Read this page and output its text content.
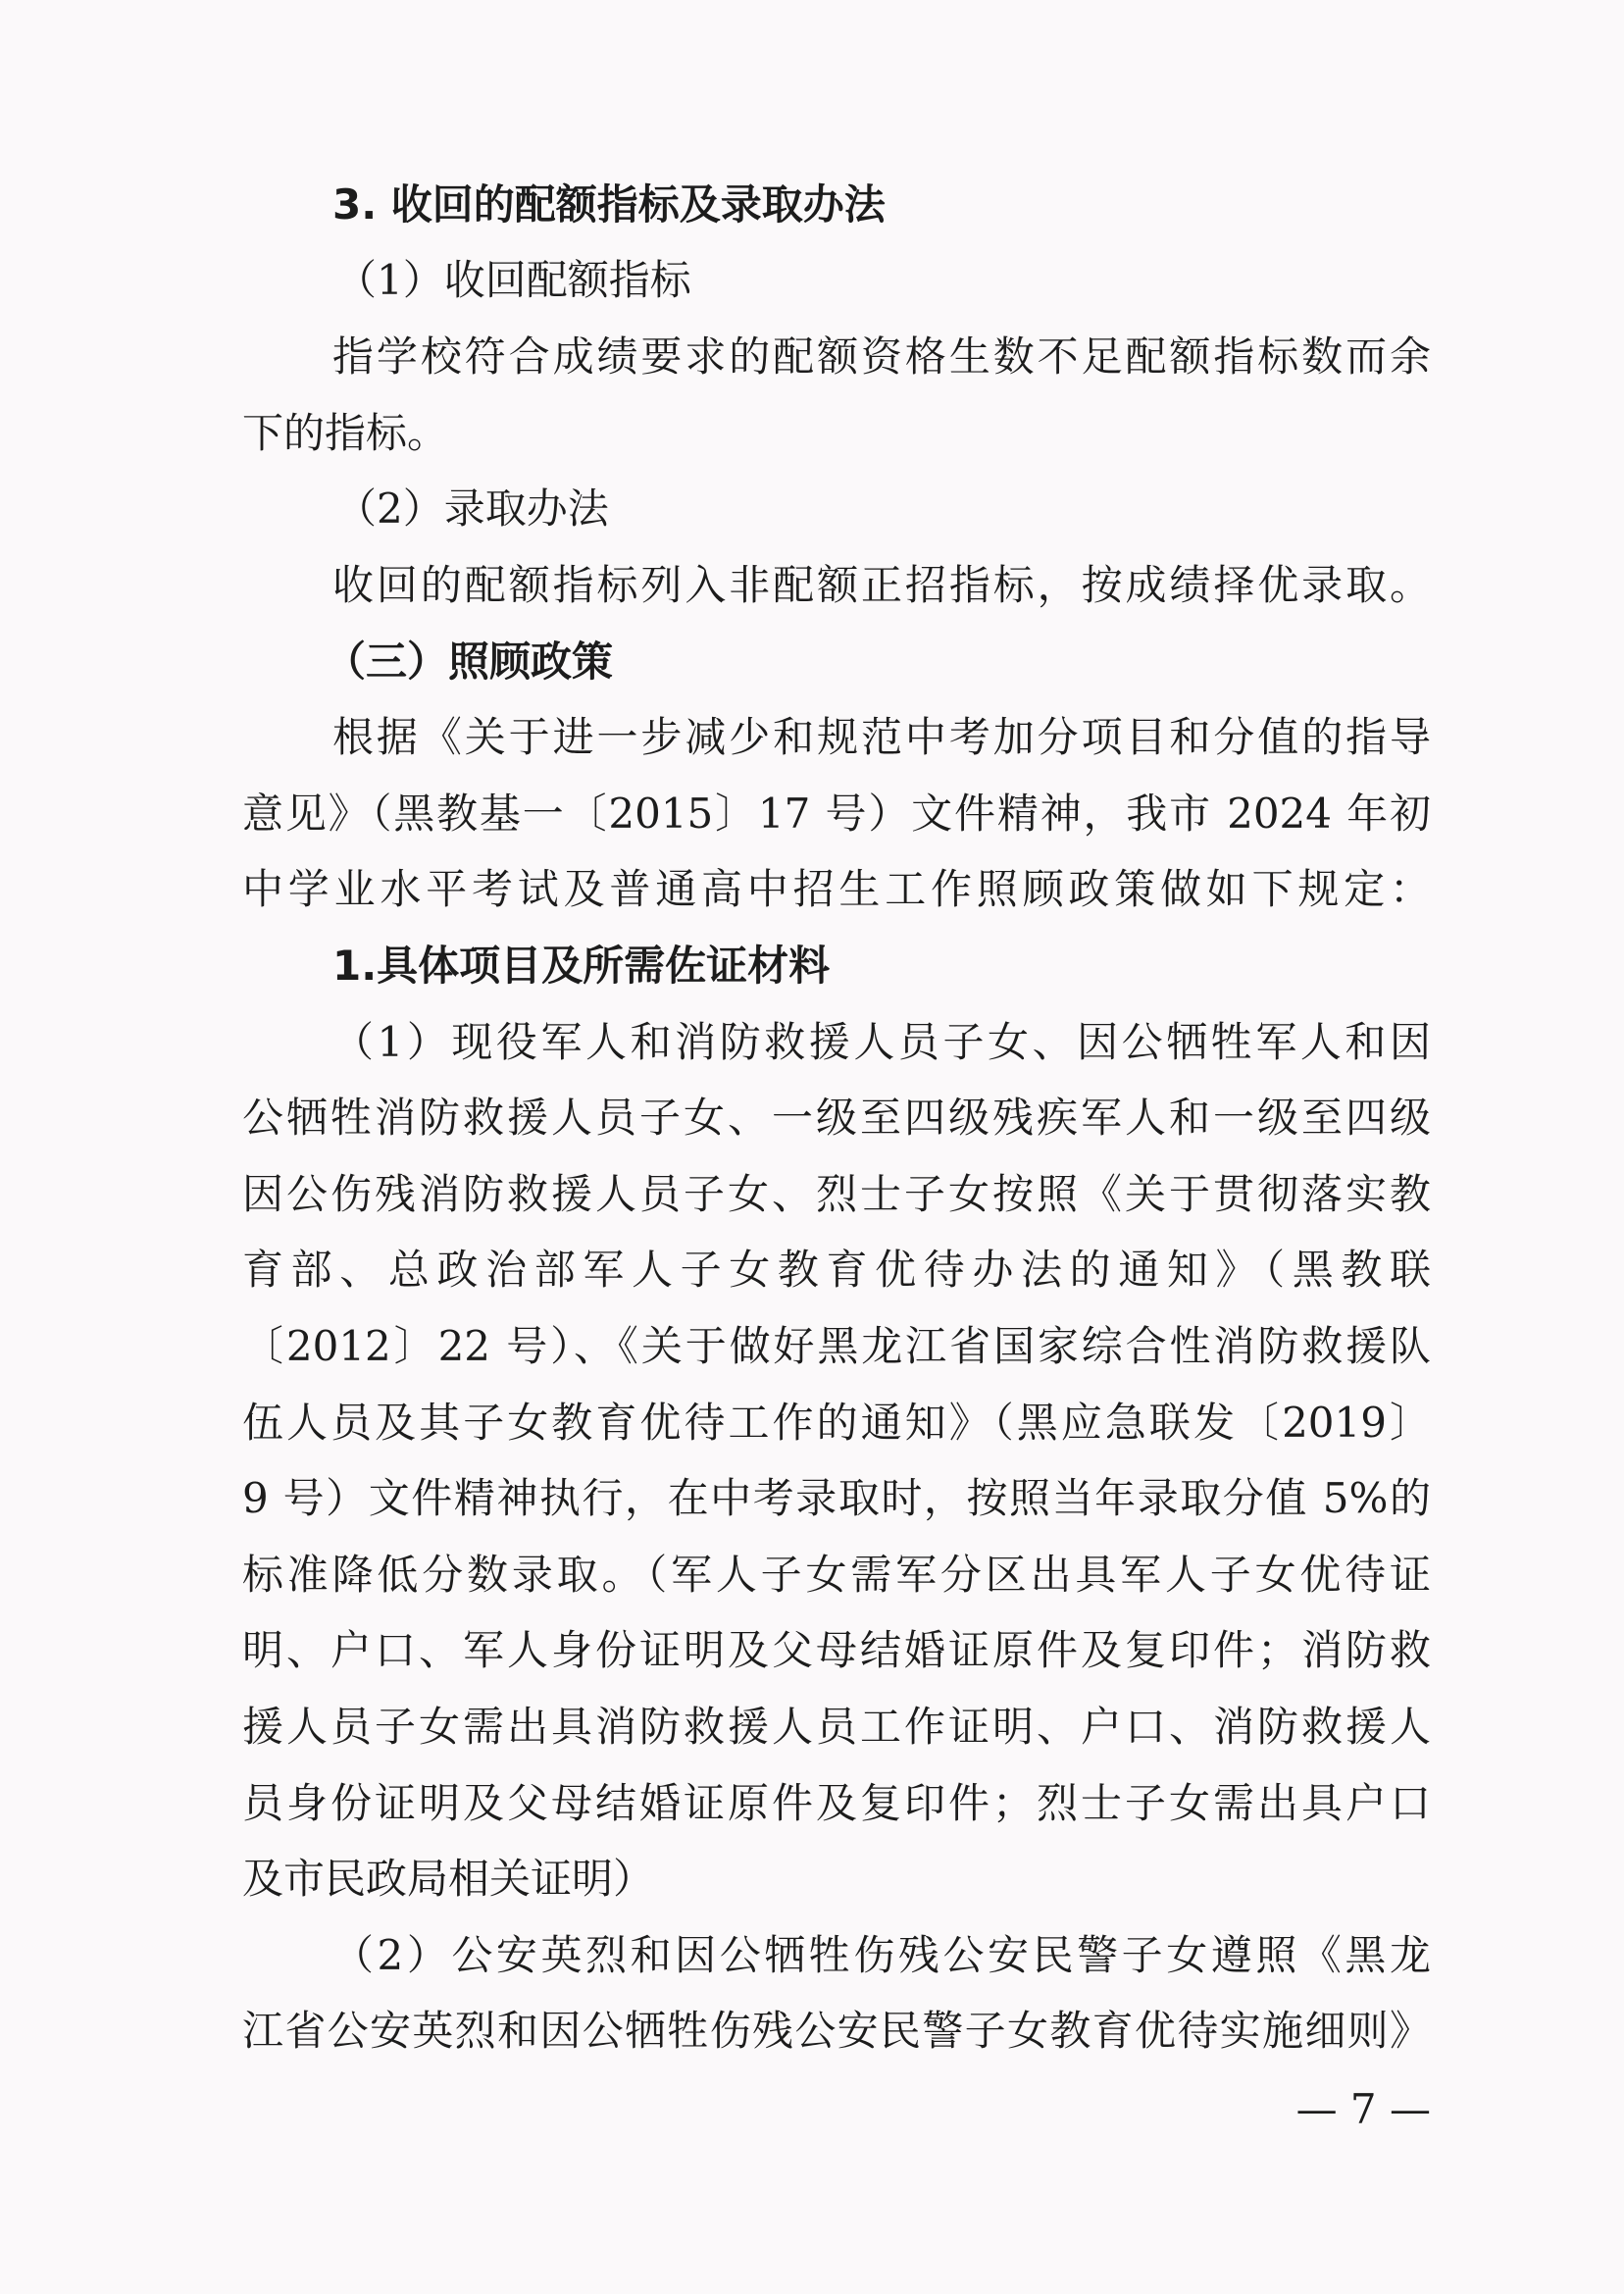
3. 收回的配额指标及录取办法
（1）收回配额指标
指学校符合成绩要求的配额资格生数不足配额指标数而余
下的指标。
（2）录取办法
收回的配额指标列入非配额正招指标，按成绩择优录取。
（三）照顾政策
根据《关于进一步减少和规范中考加分项目和分值的指导
意见》（黑教基一〔2015〕17 号）文件精神，我市 2024 年初
中学业水平考试及普通高中招生工作照顾政策做如下规定：
1.具体项目及所需佐证材料
（1）现役军人和消防救援人员子女、因公牺牲军人和因
公牺牲消防救援人员子女、一级至四级残疾军人和一级至四级
因公伤残消防救援人员子女、烈士子女按照《关于贯彻落实教
育部、总政治部军人子女教育优待办法的通知》（黑教联
〔2012〕22 号）、《关于做好黑龙江省国家综合性消防救援队
伍人员及其子女教育优待工作的通知》（黑应急联发〔2019〕
9 号）文件精神执行，在中考录取时，按照当年录取分值 5%的
标准降低分数录取。（军人子女需军分区出具军人子女优待证
明、户口、军人身份证明及父母结婚证原件及复印件；消防救
援人员子女需出具消防救援人员工作证明、户口、消防救援人
员身份证明及父母结婚证原件及复印件；烈士子女需出具户口
及市民政局相关证明）
（2）公安英烈和因公牺牲伤残公安民警子女遵照《黑龙
江省公安英烈和因公牺牲伤残公安民警子女教育优待实施细则》
— 7 —
